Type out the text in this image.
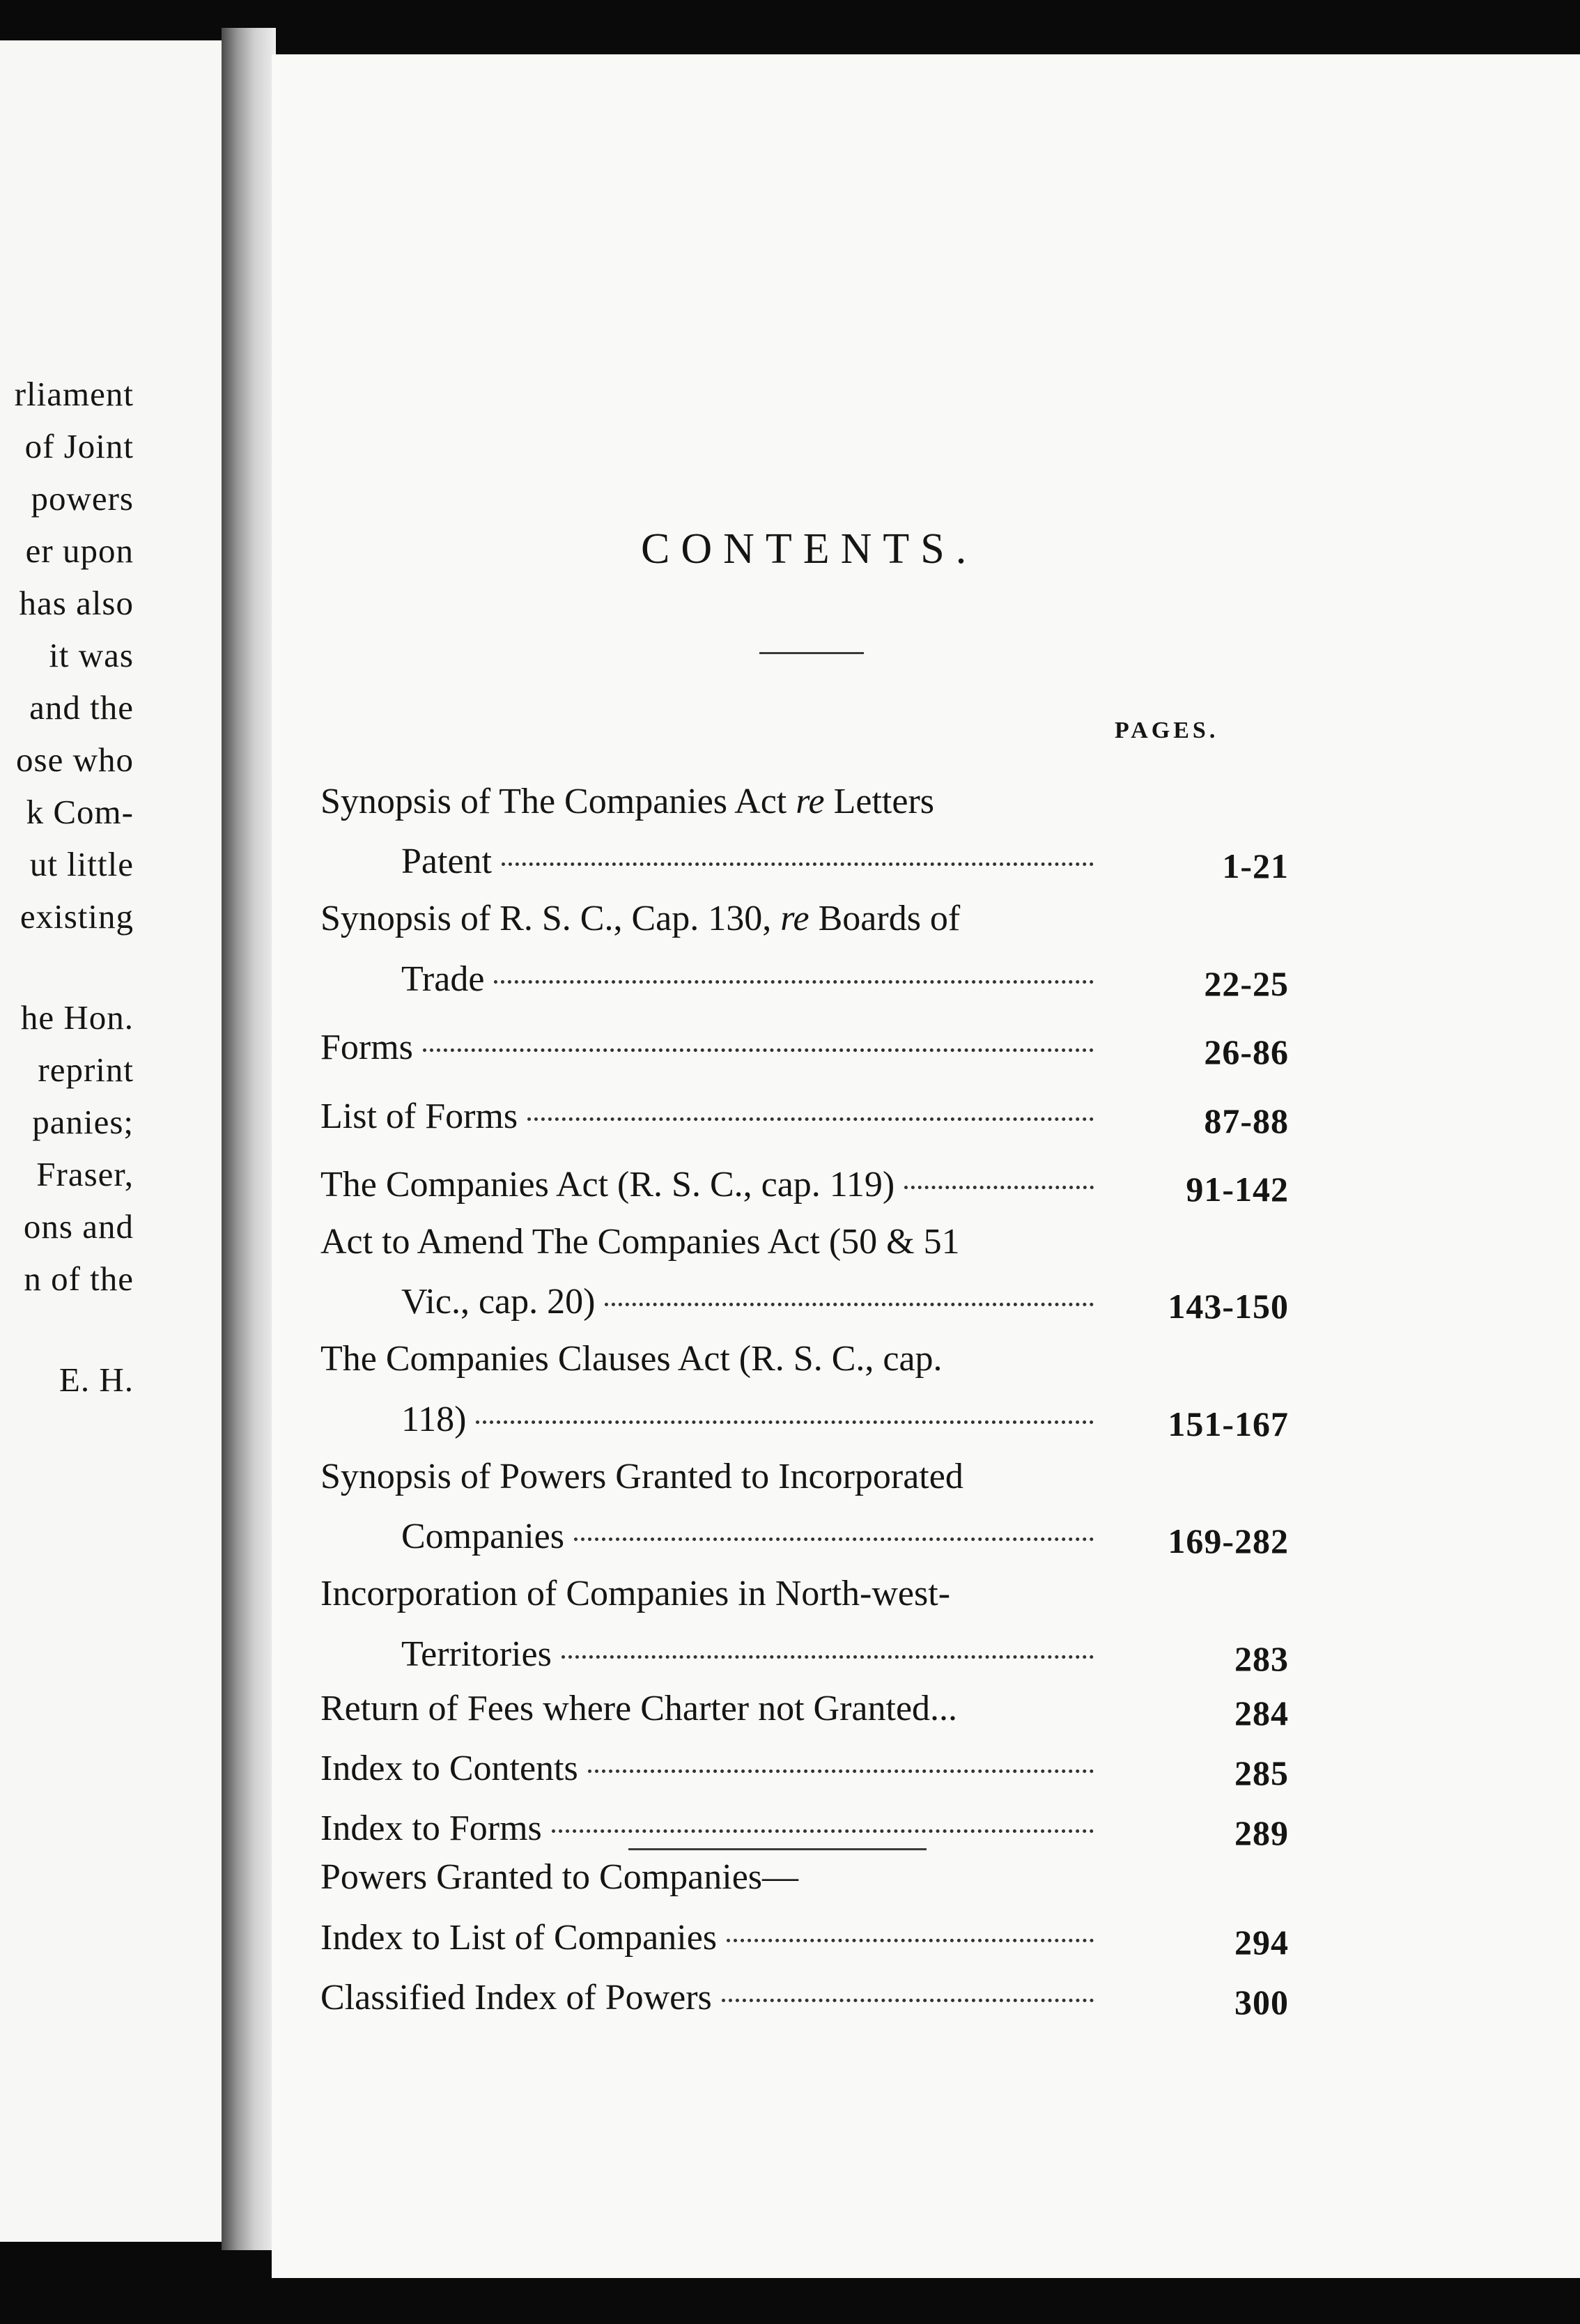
rliament
of Joint
powers
er upon
has also
it was
and the
ose who
k Com-
ut little
existing
he Hon.
reprint
panies;
Fraser,
ons and
n of the
E. H.
CONTENTS.
PAGES.
Synopsis of The Companies Act re Letters
Patent	1-21
Synopsis of R. S. C., Cap. 130, re Boards of
Trade	22-25
Forms	26-86
List of Forms	87-88
The Companies Act (R. S. C., cap. 119)	91-142
Act to Amend The Companies Act (50 & 51
Vic., cap. 20)	143-150
The Companies Clauses Act (R. S. C., cap.
118)	151-167
Synopsis of Powers Granted to Incorporated
Companies	169-282
Incorporation of Companies in North-west-
Territories	283
Return of Fees where Charter not Granted...	284
Index to Contents	285
Index to Forms	289
Powers Granted to Companies—
Index to List of Companies	294
Classified Index of Powers	300
